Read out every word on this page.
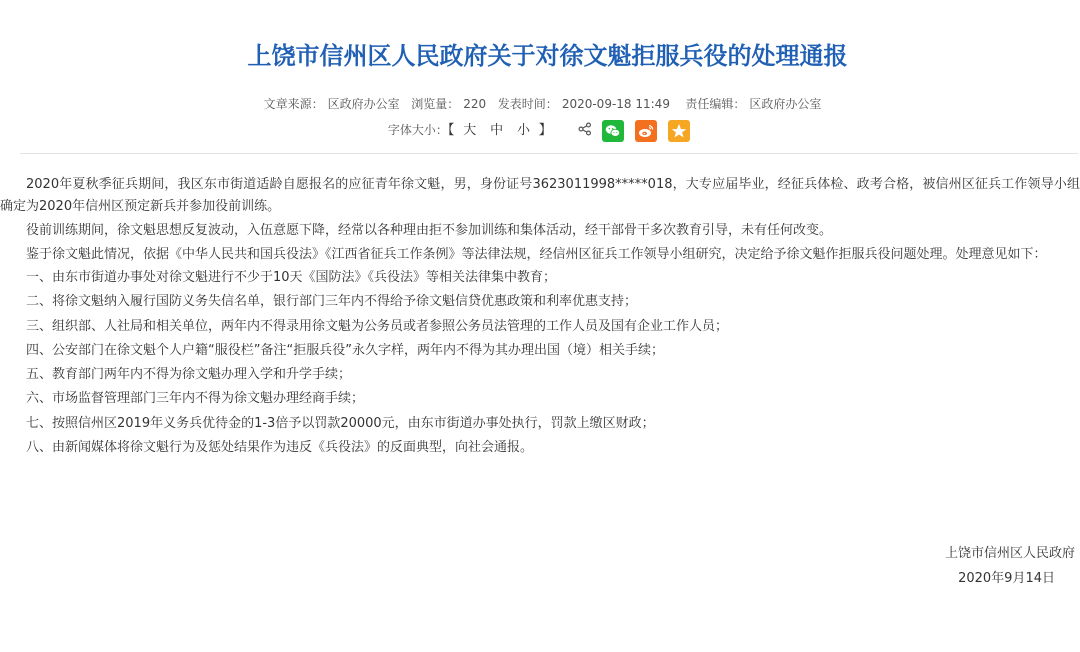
上饶市信州区人民政府关于对徐文魁拒服兵役的处理通报
文章来源： 区政府办公室 浏览量： 220 发表时间： 2020-09-18 11:49 责任编辑： 区政府办公室
字体大小：【 大 中 小 】

2020年夏秋季征兵期间，我区东市街道适龄自愿报名的应征青年徐文魁，男，身份证号3623011998*****018，大专应届毕业，经征兵体检、政考合格，被信州区征兵工作领导小组确定为2020年信州区预定新兵并参加役前训练。

役前训练期间，徐文魁思想反复波动，入伍意愿下降，经常以各种理由拒不参加训练和集体活动，经干部骨干多次教育引导，未有任何改变。

鉴于徐文魁此情况，依据《中华人民共和国兵役法》《江西省征兵工作条例》等法律法规，经信州区征兵工作领导小组研究，决定给予徐文魁作拒服兵役问题处理。处理意见如下：

一、由东市街道办事处对徐文魁进行不少于10天《国防法》《兵役法》等相关法律集中教育；

二、将徐文魁纳入履行国防义务失信名单，银行部门三年内不得给予徐文魁信贷优惠政策和利率优惠支持；

三、组织部、人社局和相关单位，两年内不得录用徐文魁为公务员或者参照公务员法管理的工作人员及国有企业工作人员；

四、公安部门在徐文魁个人户籍“服役栏”备注“拒服兵役”永久字样，两年内不得为其办理出国（境）相关手续；

五、教育部门两年内不得为徐文魁办理入学和升学手续；

六、市场监督管理部门三年内不得为徐文魁办理经商手续；

七、按照信州区2019年义务兵优待金的1-3倍予以罚款20000元，由东市街道办事处执行，罚款上缴区财政；

八、由新闻媒体将徐文魁行为及惩处结果作为违反《兵役法》的反面典型，向社会通报。

上饶市信州区人民政府
2020年9月14日
